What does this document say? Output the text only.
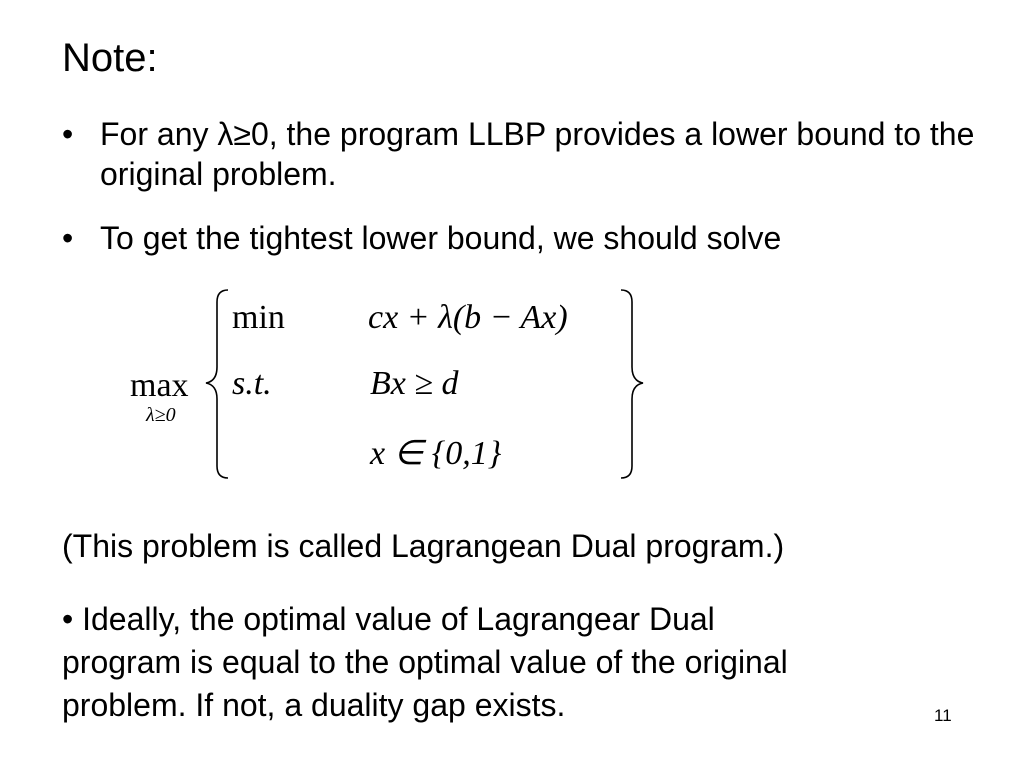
Note:
• For any λ≥0, the program LLBP provides a lower bound to the original problem.
• To get the tightest lower bound, we should solve
max
λ≥0
min cx + λ(b − Ax)
s.t.	Bx ≥ d
x ∈ {0,1}
(This problem is called Lagrangean Dual program.)
• Ideally, the optimal value of Lagrangear Dual
program is equal to the optimal value of the original
problem. If not, a duality gap exists.	11
